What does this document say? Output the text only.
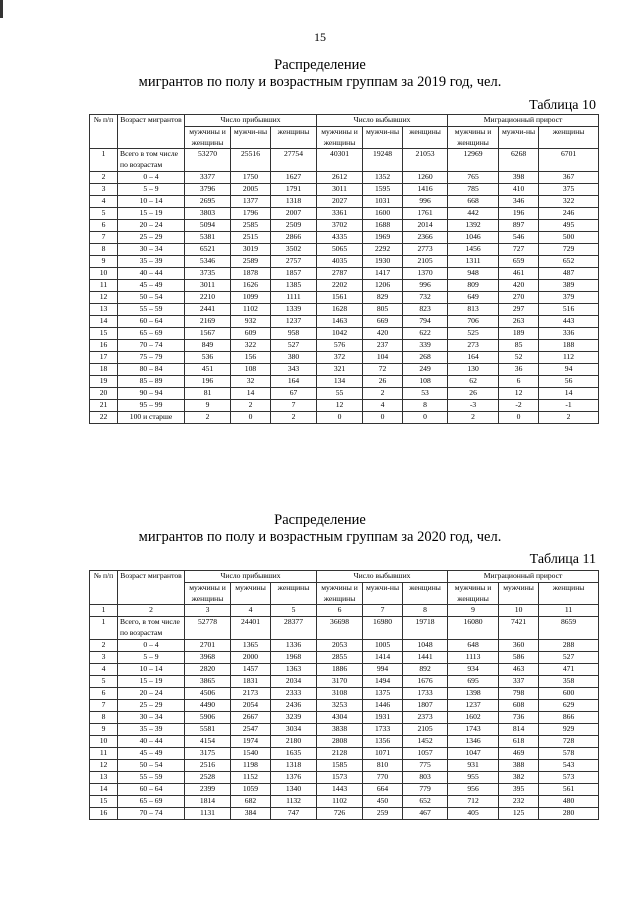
15
Распределение
мигрантов по полу и возрастным группам за 2019 год, чел.
Таблица 10
№ п/п	Возраст мигрантов	Число прибывших			Число выбывших			Миграционный прирост		
		мужчины и женщины	мужчи-ны	женщины	мужчины и женщины	мужчи-ны	женщины	мужчины и женщины	мужчи-ны	женщины
1	Всего в том числе по возрастам	53270	25516	27754	40301	19248	21053	12969	6268	6701
2	0 – 4	3377	1750	1627	2612	1352	1260	765	398	367
3	5 – 9	3796	2005	1791	3011	1595	1416	785	410	375
4	10 – 14	2695	1377	1318	2027	1031	996	668	346	322
5	15 – 19	3803	1796	2007	3361	1600	1761	442	196	246
6	20 – 24	5094	2585	2509	3702	1688	2014	1392	897	495
7	25 – 29	5381	2515	2866	4335	1969	2366	1046	546	500
8	30 – 34	6521	3019	3502	5065	2292	2773	1456	727	729
9	35 – 39	5346	2589	2757	4035	1930	2105	1311	659	652
10	40 – 44	3735	1878	1857	2787	1417	1370	948	461	487
11	45 – 49	3011	1626	1385	2202	1206	996	809	420	389
12	50 – 54	2210	1099	1111	1561	829	732	649	270	379
13	55 – 59	2441	1102	1339	1628	805	823	813	297	516
14	60 – 64	2169	932	1237	1463	669	794	706	263	443
15	65 – 69	1567	609	958	1042	420	622	525	189	336
16	70 – 74	849	322	527	576	237	339	273	85	188
17	75 – 79	536	156	380	372	104	268	164	52	112
18	80 – 84	451	108	343	321	72	249	130	36	94
19	85 – 89	196	32	164	134	26	108	62	6	56
20	90 – 94	81	14	67	55	2	53	26	12	14
21	95 – 99	9	2	7	12	4	8	-3	-2	-1
22	100 и старше	2	0	2	0	0	0	2	0	2
Распределение
мигрантов по полу и возрастным группам за 2020 год, чел.
Таблица 11
№ п/п	Возраст мигрантов	Число прибывших			Число выбывших			Миграционный прирост		
		мужчины и женщины	мужчины	женщины	мужчины и женщины	мужчи-ны	женщины	мужчины и женщины	мужчины	женщины
1	2	3	4	5	6	7	8	9	10	11
1	Всего, в том числе по возрастам	52778	24401	28377	36698	16980	19718	16080	7421	8659
2	0 – 4	2701	1365	1336	2053	1005	1048	648	360	288
3	5 – 9	3968	2000	1968	2855	1414	1441	1113	586	527
4	10 – 14	2820	1457	1363	1886	994	892	934	463	471
5	15 – 19	3865	1831	2034	3170	1494	1676	695	337	358
6	20 – 24	4506	2173	2333	3108	1375	1733	1398	798	600
7	25 – 29	4490	2054	2436	3253	1446	1807	1237	608	629
8	30 – 34	5906	2667	3239	4304	1931	2373	1602	736	866
9	35 – 39	5581	2547	3034	3838	1733	2105	1743	814	929
10	40 – 44	4154	1974	2180	2808	1356	1452	1346	618	728
11	45 – 49	3175	1540	1635	2128	1071	1057	1047	469	578
12	50 – 54	2516	1198	1318	1585	810	775	931	388	543
13	55 – 59	2528	1152	1376	1573	770	803	955	382	573
14	60 – 64	2399	1059	1340	1443	664	779	956	395	561
15	65 – 69	1814	682	1132	1102	450	652	712	232	480
16	70 – 74	1131	384	747	726	259	467	405	125	280
